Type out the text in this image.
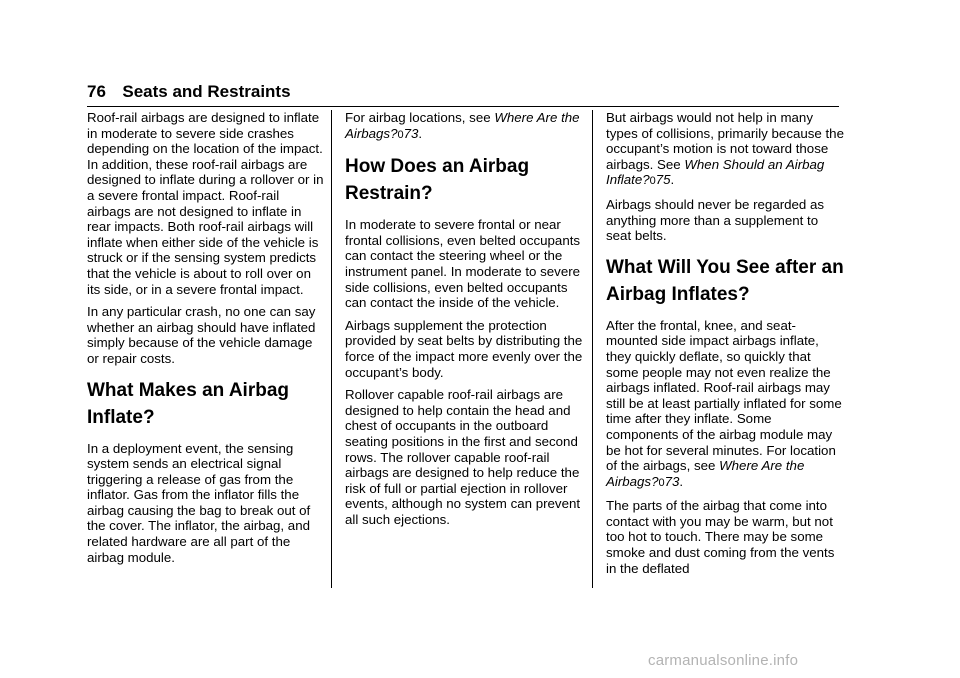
76 Seats and Restraints

Roof-rail airbags are designed to inflate in moderate to severe side crashes depending on the location of the impact. In addition, these roof-rail airbags are designed to inflate during a rollover or in a severe frontal impact. Roof-rail airbags are not designed to inflate in rear impacts. Both roof-rail airbags will inflate when either side of the vehicle is struck or if the sensing system predicts that the vehicle is about to roll over on its side, or in a severe frontal impact.

In any particular crash, no one can say whether an airbag should have inflated simply because of the vehicle damage or repair costs.

What Makes an Airbag Inflate?

In a deployment event, the sensing system sends an electrical signal triggering a release of gas from the inflator. Gas from the inflator fills the airbag causing the bag to break out of the cover. The inflator, the airbag, and related hardware are all part of the airbag module.

For airbag locations, see Where Are the Airbags?073.

How Does an Airbag Restrain?

In moderate to severe frontal or near frontal collisions, even belted occupants can contact the steering wheel or the instrument panel. In moderate to severe side collisions, even belted occupants can contact the inside of the vehicle.

Airbags supplement the protection provided by seat belts by distributing the force of the impact more evenly over the occupant’s body.

Rollover capable roof-rail airbags are designed to help contain the head and chest of occupants in the outboard seating positions in the first and second rows. The rollover capable roof-rail airbags are designed to help reduce the risk of full or partial ejection in rollover events, although no system can prevent all such ejections.

But airbags would not help in many types of collisions, primarily because the occupant’s motion is not toward those airbags. See When Should an Airbag Inflate?075.

Airbags should never be regarded as anything more than a supplement to seat belts.

What Will You See after an Airbag Inflates?

After the frontal, knee, and seat-mounted side impact airbags inflate, they quickly deflate, so quickly that some people may not even realize the airbags inflated. Roof-rail airbags may still be at least partially inflated for some time after they inflate. Some components of the airbag module may be hot for several minutes. For location of the airbags, see Where Are the Airbags?073.

The parts of the airbag that come into contact with you may be warm, but not too hot to touch. There may be some smoke and dust coming from the vents in the deflated

carmanualsonline.info
